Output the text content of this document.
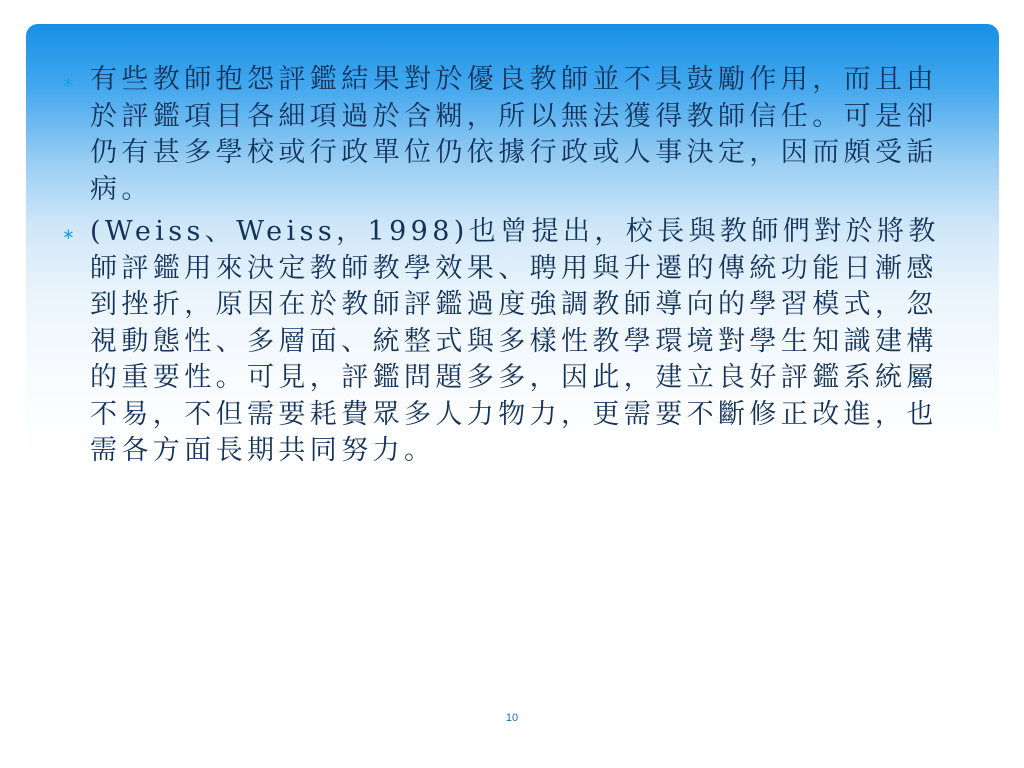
∗ 有些教師抱怨評鑑結果對於優良教師並不具鼓勵作用，而且由於評鑑項目各細項過於含糊，所以無法獲得教師信任。可是卻仍有甚多學校或行政單位仍依據行政或人事決定，因而頗受詬病。
∗ (Weiss、Weiss，1998)也曾提出，校長與教師們對於將教師評鑑用來決定教師教學效果、聘用與升遷的傳統功能日漸感到挫折，原因在於教師評鑑過度強調教師導向的學習模式，忽視動態性、多層面、統整式與多樣性教學環境對學生知識建構的重要性。可見，評鑑問題多多，因此，建立良好評鑑系統屬不易，不但需要耗費眾多人力物力，更需要不斷修正改進，也需各方面長期共同努力。
10
